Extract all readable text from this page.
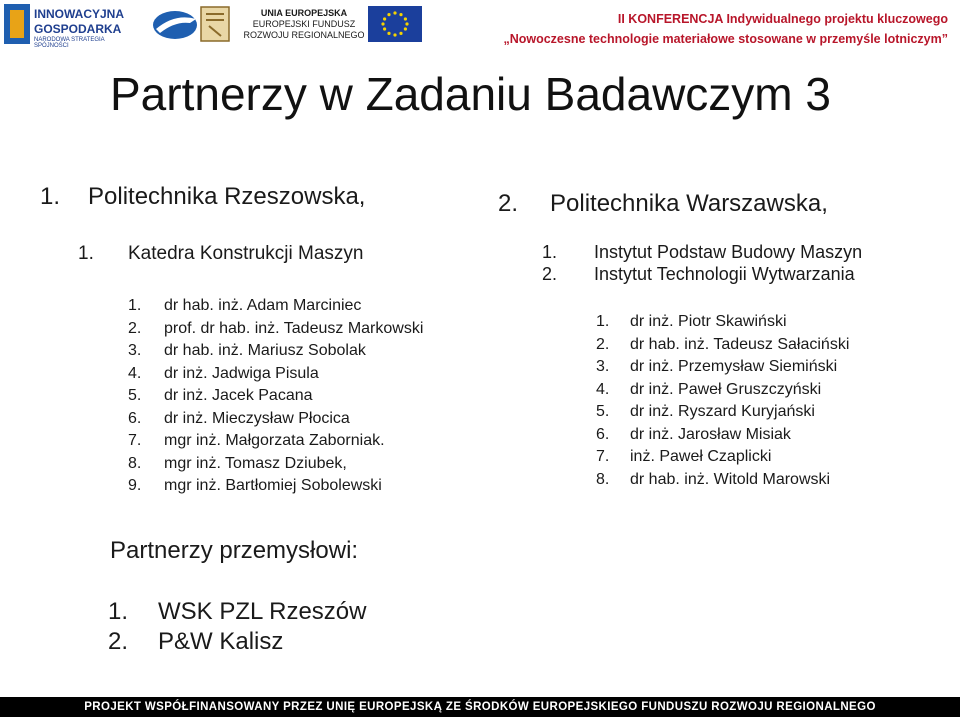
INNOWACYJNA
GOSPODARKA
NARODOWA STRATEGIA SPÓJNOŚCI
UNIA EUROPEJSKA
EUROPEJSKI FUNDUSZ
ROZWOJU REGIONALNEGO
II KONFERENCJA Indywidualnego projektu kluczowego
„Nowoczesne technologie materiałowe stosowane w przemyśle lotniczym”
Partnerzy w Zadaniu Badawczym 3
1. Politechnika Rzeszowska,
1. Katedra Konstrukcji Maszyn
1. dr hab. inż. Adam Marciniec
2. prof. dr hab. inż. Tadeusz Markowski
3. dr hab. inż. Mariusz Sobolak
4. dr inż. Jadwiga Pisula
5. dr inż. Jacek Pacana
6. dr inż. Mieczysław Płocica
7. mgr inż. Małgorzata Zaborniak.
8. mgr inż. Tomasz Dziubek,
9. mgr inż. Bartłomiej Sobolewski
2. Politechnika Warszawska,
1. Instytut Podstaw Budowy Maszyn
2. Instytut Technologii Wytwarzania
1. dr inż. Piotr Skawiński
2. dr hab. inż. Tadeusz Sałaciński
3. dr inż. Przemysław Siemiński
4. dr inż. Paweł Gruszczyński
5. dr inż. Ryszard Kuryjański
6. dr inż. Jarosław Misiak
7. inż. Paweł Czaplicki
8. dr hab. inż. Witold Marowski
Partnerzy przemysłowi:
1. WSK PZL Rzeszów
2. P&W Kalisz
PROJEKT WSPÓŁFINANSOWANY PRZEZ UNIĘ EUROPEJSKĄ ZE ŚRODKÓW EUROPEJSKIEGO FUNDUSZU ROZWOJU REGIONALNEGO
